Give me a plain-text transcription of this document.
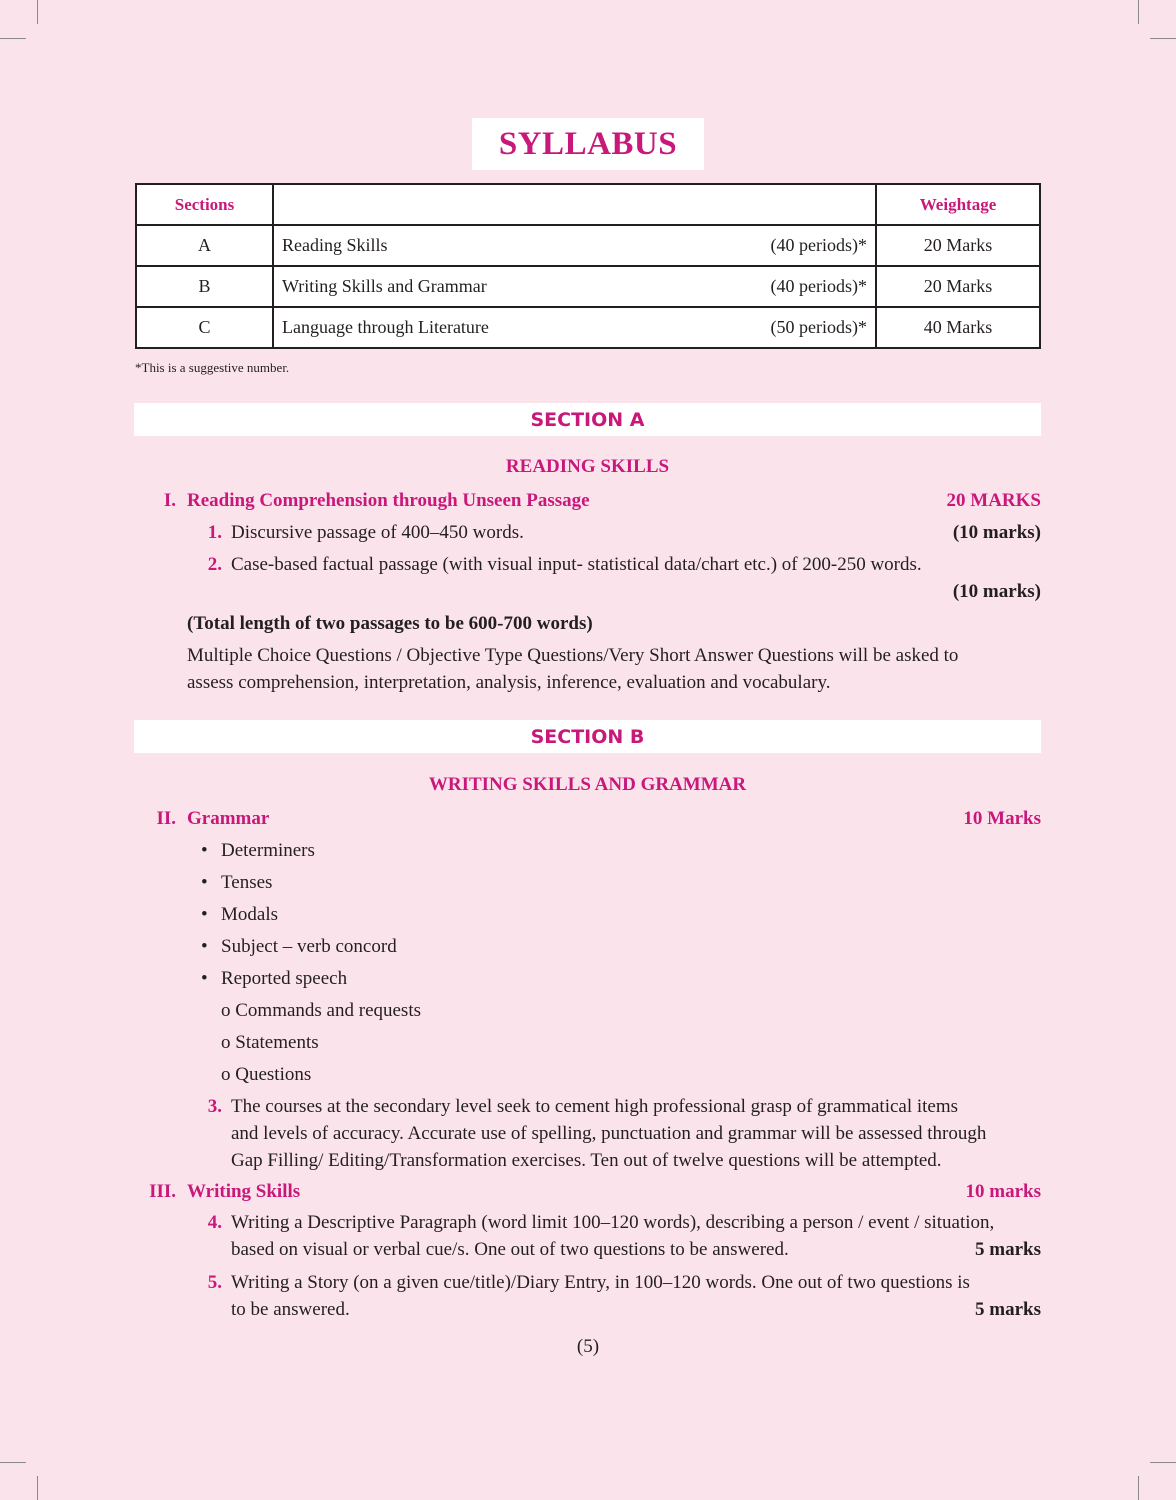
SYLLABUS
Sections		Weightage
A	Reading Skills (40 periods)*	20 Marks
B	Writing Skills and Grammar (40 periods)*	20 Marks
C	Language through Literature (50 periods)*	40 Marks
*This is a suggestive number.
SECTION A
READING SKILLS
I. Reading Comprehension through Unseen Passage	20 MARKS
1. Discursive passage of 400–450 words.	(10 marks)
2. Case-based factual passage (with visual input- statistical data/chart etc.) of 200-250 words.
(10 marks)
(Total length of two passages to be 600-700 words)
Multiple Choice Questions / Objective Type Questions/Very Short Answer Questions will be asked to
assess comprehension, interpretation, analysis, inference, evaluation and vocabulary.
SECTION B
WRITING SKILLS AND GRAMMAR
II. Grammar	10 Marks
• Determiners
• Tenses
• Modals
• Subject – verb concord
• Reported speech
o Commands and requests
o Statements
o Questions
3. The courses at the secondary level seek to cement high professional grasp of grammatical items
and levels of accuracy. Accurate use of spelling, punctuation and grammar will be assessed through
Gap Filling/ Editing/Transformation exercises. Ten out of twelve questions will be attempted.
III. Writing Skills	10 marks
4. Writing a Descriptive Paragraph (word limit 100–120 words), describing a person / event / situation,
based on visual or verbal cue/s. One out of two questions to be answered.	5 marks
5. Writing a Story (on a given cue/title)/Diary Entry, in 100–120 words. One out of two questions is
to be answered.	5 marks
(5)
